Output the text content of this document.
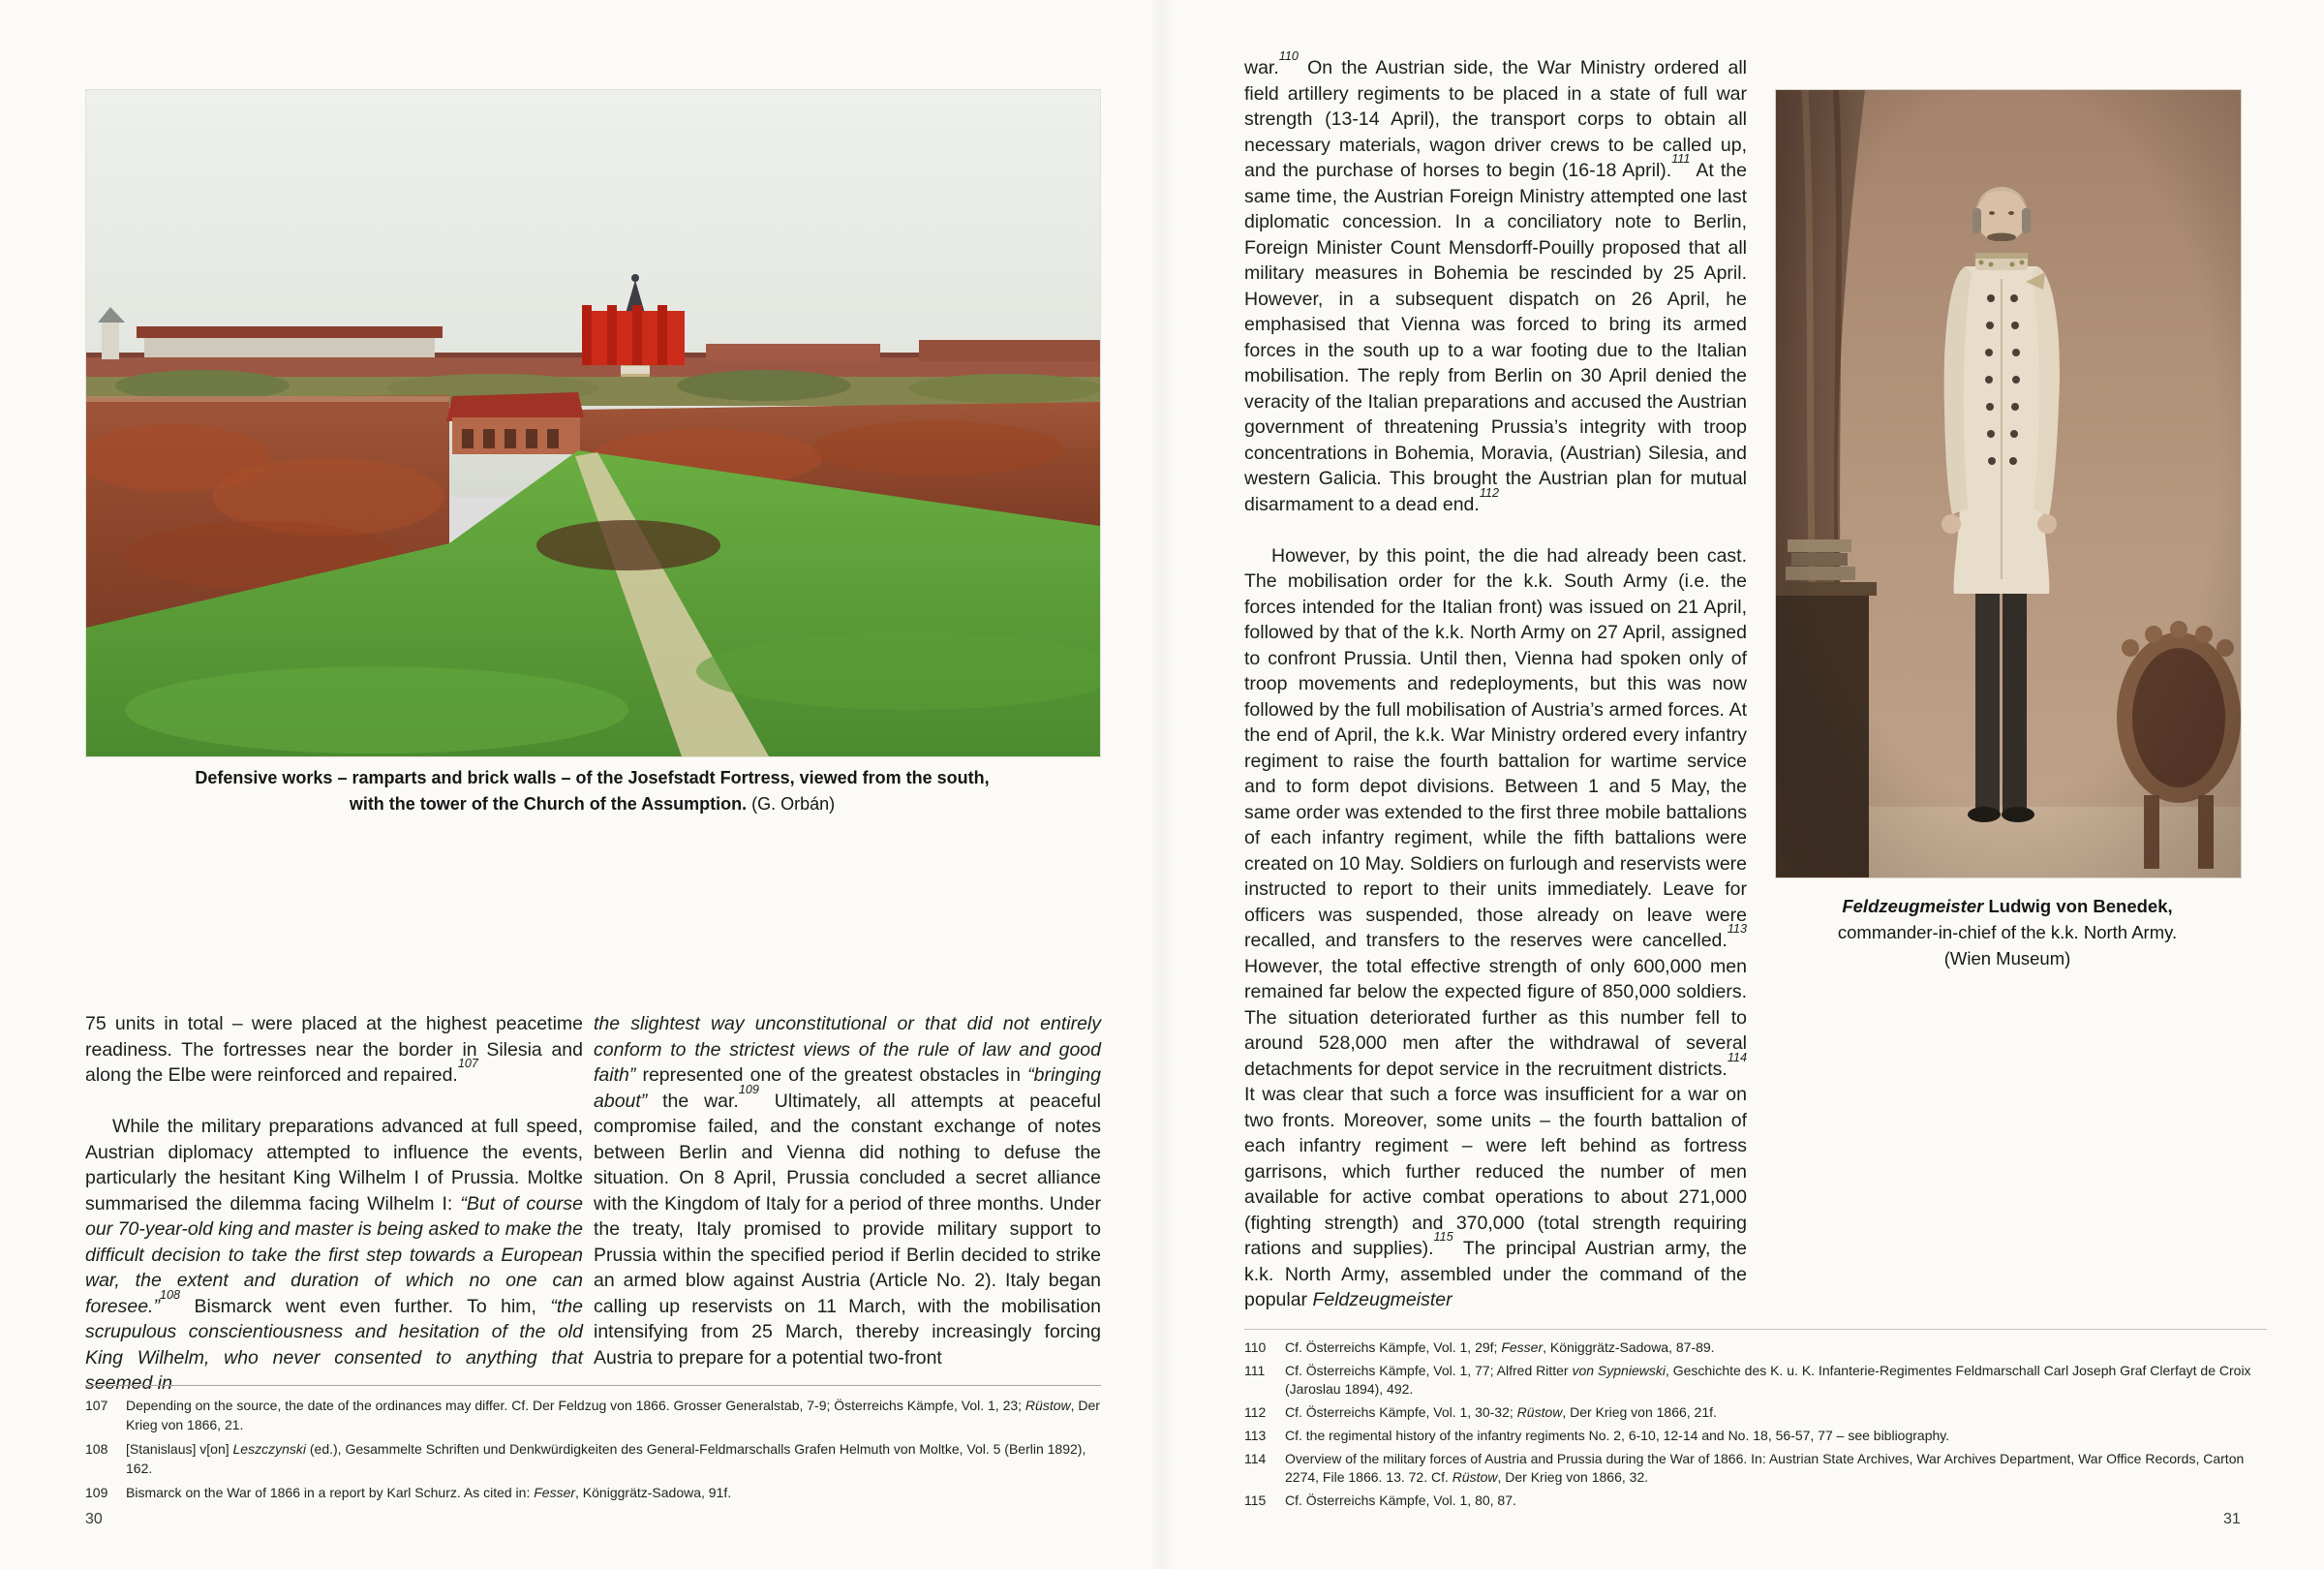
Defensive works – ramparts and brick walls – of the Josefstadt Fortress, viewed from the south,
with the tower of the Church of the Assumption. (G. Orbán)

75 units in total – were placed at the highest peacetime readiness. The fortresses near the border in Silesia and along the Elbe were reinforced and repaired.$^{107}$

While the military preparations advanced at full speed, Austrian diplomacy attempted to influence the events, particularly the hesitant King Wilhelm I of Prussia. Moltke summarised the dilemma facing Wilhelm I: “But of course our 70-year-old king and master is being asked to make the difficult decision to take the first step towards a European war, the extent and duration of which no one can foresee.”$^{108}$ Bismarck went even further. To him, “the scrupulous conscientiousness and hesitation of the old King Wilhelm, who never consented to anything that seemed in

the slightest way unconstitutional or that did not entirely conform to the strictest views of the rule of law and good faith” represented one of the greatest obstacles in “bringing about” the war.$^{109}$ Ultimately, all attempts at peaceful compromise failed, and the constant exchange of notes between Berlin and Vienna did nothing to defuse the situation. On 8 April, Prussia concluded a secret alliance with the Kingdom of Italy for a period of three months. Under the treaty, Italy promised to provide military support to Prussia within the specified period if Berlin decided to strike an armed blow against Austria (Article No. 2). Italy began calling up reservists on 11 March, with the mobilisation intensifying from 25 March, thereby increasingly forcing Austria to prepare for a potential two-front

107	Depending on the source, the date of the ordinances may differ. Cf. Der Feldzug von 1866. Grosser Generalstab, 7-9; Österreichs Kämpfe, Vol. 1, 23; Rüstow, Der Krieg von 1866, 21.
108	[Stanislaus] v[on] Leszczynski (ed.), Gesammelte Schriften und Denkwürdigkeiten des General-Feldmarschalls Grafen Helmuth von Moltke, Vol. 5 (Berlin 1892), 162.
109	Bismarck on the War of 1866 in a report by Karl Schurz. As cited in: Fesser, Königgrätz-Sadowa, 91f.
30

war.$^{110}$ On the Austrian side, the War Ministry ordered all field artillery regiments to be placed in a state of full war strength (13-14 April), the transport corps to obtain all necessary materials, wagon driver crews to be called up, and the purchase of horses to begin (16-18 April).$^{111}$ At the same time, the Austrian Foreign Ministry attempted one last diplomatic concession. In a conciliatory note to Berlin, Foreign Minister Count Mensdorff-Pouilly proposed that all military measures in Bohemia be rescinded by 25 April. However, in a subsequent dispatch on 26 April, he emphasised that Vienna was forced to bring its armed forces in the south up to a war footing due to the Italian mobilisation. The reply from Berlin on 30 April denied the veracity of the Italian preparations and accused the Austrian government of threatening Prussia’s integrity with troop concentrations in Bohemia, Moravia, (Austrian) Silesia, and western Galicia. This brought the Austrian plan for mutual disarmament to a dead end.$^{112}$

However, by this point, the die had already been cast. The mobilisation order for the k.k. South Army (i.e. the forces intended for the Italian front) was issued on 21 April, followed by that of the k.k. North Army on 27 April, assigned to confront Prussia. Until then, Vienna had spoken only of troop movements and redeployments, but this was now followed by the full mobilisation of Austria’s armed forces. At the end of April, the k.k. War Ministry ordered every infantry regiment to raise the fourth battalion for wartime service and to form depot divisions. Between 1 and 5 May, the same order was extended to the first three mobile battalions of each infantry regiment, while the fifth battalions were created on 10 May. Soldiers on furlough and reservists were instructed to report to their units immediately. Leave for officers was suspended, those already on leave were recalled, and transfers to the reserves were cancelled.$^{113}$ However, the total effective strength of only 600,000 men remained far below the expected figure of 850,000 soldiers. The situation deteriorated further as this number fell to around 528,000 men after the withdrawal of several detachments for depot service in the recruitment districts.$^{114}$ It was clear that such a force was insufficient for a war on two fronts. Moreover, some units – the fourth battalion of each infantry regiment – were left behind as fortress garrisons, which further reduced the number of men available for active combat operations to about 271,000 (fighting strength) and 370,000 (total strength requiring rations and supplies).$^{115}$ The principal Austrian army, the k.k. North Army, assembled under the command of the popular Feldzeugmeister

Feldzeugmeister Ludwig von Benedek,
commander-in-chief of the k.k. North Army.
(Wien Museum)
110	Cf. Österreichs Kämpfe, Vol. 1, 29f; Fesser, Königgrätz-Sadowa, 87-89.
111	Cf. Österreichs Kämpfe, Vol. 1, 77; Alfred Ritter von Sypniewski, Geschichte des K. u. K. Infanterie-Regimentes Feldmarschall Carl Joseph Graf Clerfayt de Croix (Jaroslau 1894), 492.
112	Cf. Österreichs Kämpfe, Vol. 1, 30-32; Rüstow, Der Krieg von 1866, 21f.
113	Cf. the regimental history of the infantry regiments No. 2, 6-10, 12-14 and No. 18, 56-57, 77 – see bibliography.
114	Overview of the military forces of Austria and Prussia during the War of 1866. In: Austrian State Archives, War Archives Department, War Office Records, Carton 2274, File 1866. 13. 72. Cf. Rüstow, Der Krieg von 1866, 32.
115	Cf. Österreichs Kämpfe, Vol. 1, 80, 87.
31
